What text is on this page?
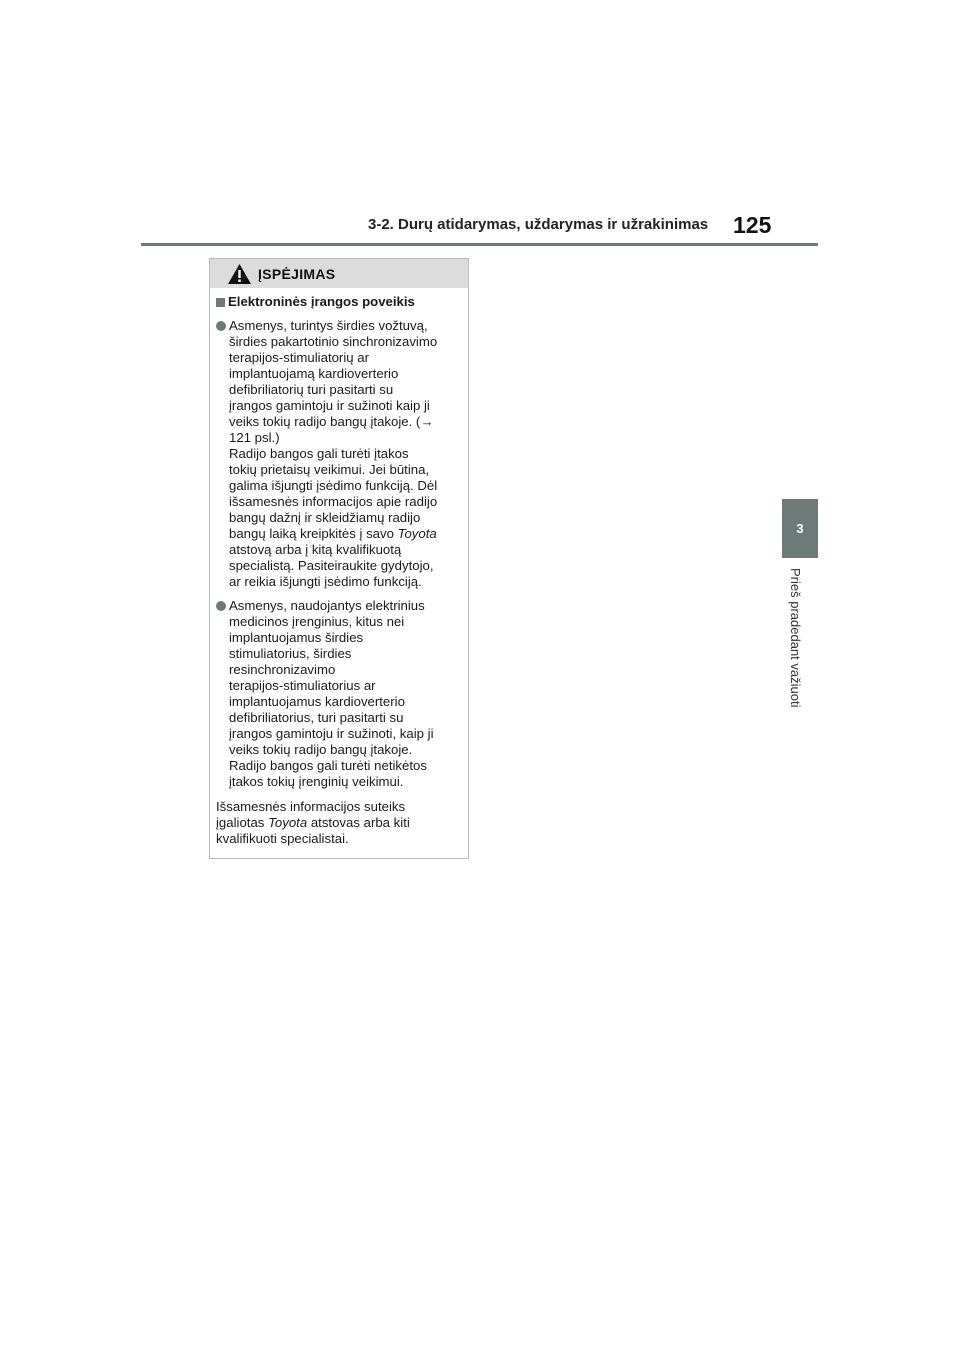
3-2. Durų atidarymas, uždarymas ir užrakinimas 125
3
Prieš pradedant važiuoti
ĮSPĖJIMAS
Elektroninės įrangos poveikis
Asmenys, turintys širdies vožtuvą,
širdies pakartotinio sinchronizavimo
terapijos-stimuliatorių ar
implantuojamą kardioverterio
defibriliatorių turi pasitarti su
įrangos gamintoju ir sužinoti kaip ji
veiks tokių radijo bangų įtakoje. (→
121 psl.)
Radijo bangos gali turėti įtakos
tokių prietaisų veikimui. Jei būtina,
galima išjungti įsėdimo funkciją. Dėl
išsamesnės informacijos apie radijo
bangų dažnį ir skleidžiamų radijo
bangų laiką kreipkitės į savo Toyota
atstovą arba į kitą kvalifikuotą
specialistą. Pasiteiraukite gydytojo,
ar reikia išjungti įsėdimo funkciją.
Asmenys, naudojantys elektrinius
medicinos įrenginius, kitus nei
implantuojamus širdies
stimuliatorius, širdies
resinchronizavimo
terapijos-stimuliatorius ar
implantuojamus kardioverterio
defibriliatorius, turi pasitarti su
įrangos gamintoju ir sužinoti, kaip ji
veiks tokių radijo bangų įtakoje.
Radijo bangos gali turėti netikėtos
įtakos tokių įrenginių veikimui.
Išsamesnės informacijos suteiks
įgaliotas Toyota atstovas arba kiti
kvalifikuoti specialistai.
